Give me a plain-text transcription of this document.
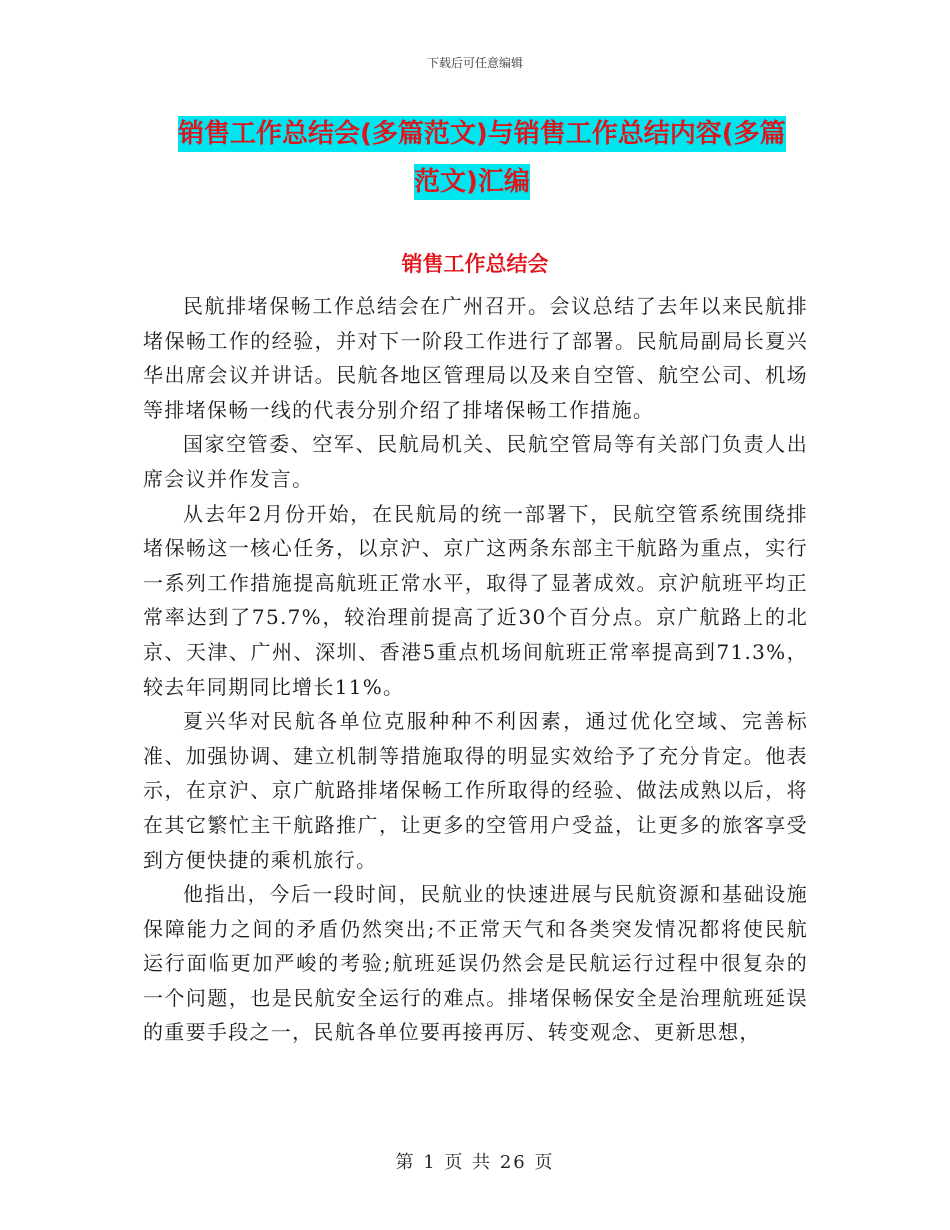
下载后可任意编辑
销售工作总结会(多篇范文)与销售工作总结内容(多篇
范文)汇编
销售工作总结会

民航排堵保畅工作总结会在广州召开。会议总结了去年以来民航排堵保畅工作的经验，并对下一阶段工作进行了部署。民航局副局长夏兴华出席会议并讲话。民航各地区管理局以及来自空管、航空公司、机场等排堵保畅一线的代表分别介绍了排堵保畅工作措施。

国家空管委、空军、民航局机关、民航空管局等有关部门负责人出席会议并作发言。

从去年2月份开始，在民航局的统一部署下，民航空管系统围绕排堵保畅这一核心任务，以京沪、京广这两条东部主干航路为重点，实行一系列工作措施提高航班正常水平，取得了显著成效。京沪航班平均正常率达到了75.7%，较治理前提高了近30个百分点。京广航路上的北京、天津、广州、深圳、香港5重点机场间航班正常率提高到71.3%，较去年同期同比增长11%。

夏兴华对民航各单位克服种种不利因素，通过优化空域、完善标准、加强协调、建立机制等措施取得的明显实效给予了充分肯定。他表示，在京沪、京广航路排堵保畅工作所取得的经验、做法成熟以后，将在其它繁忙主干航路推广，让更多的空管用户受益，让更多的旅客享受到方便快捷的乘机旅行。

他指出，今后一段时间，民航业的快速进展与民航资源和基础设施保障能力之间的矛盾仍然突出;不正常天气和各类突发情况都将使民航运行面临更加严峻的考验;航班延误仍然会是民航运行过程中很复杂的一个问题，也是民航安全运行的难点。排堵保畅保安全是治理航班延误的重要手段之一，民航各单位要再接再厉、转变观念、更新思想，

第 1 页 共 26 页
